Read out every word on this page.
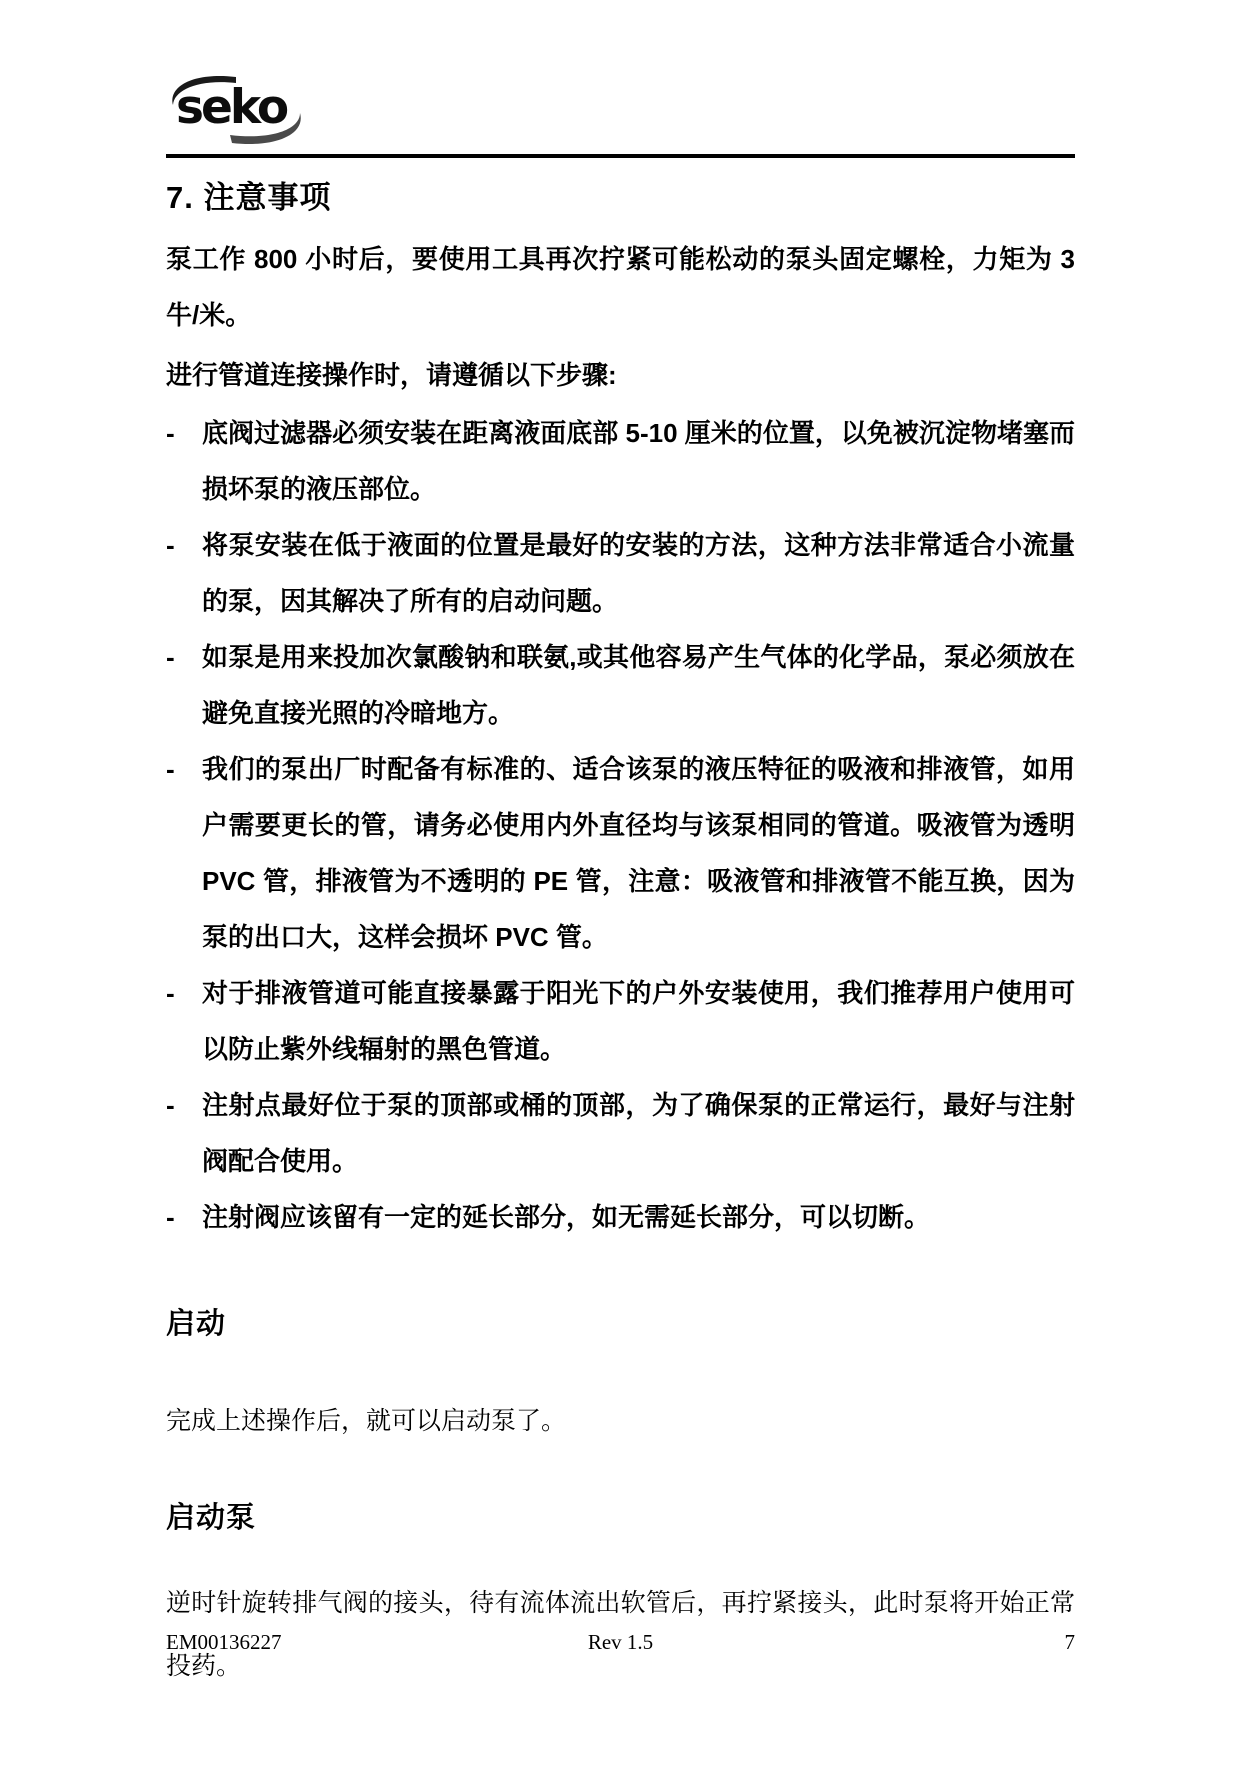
seko
7. 注意事项
泵工作 800 小时后，要使用工具再次拧紧可能松动的泵头固定螺栓，力矩为 3 牛/米。
进行管道连接操作时，请遵循以下步骤:
-	底阀过滤器必须安装在距离液面底部 5-10 厘米的位置，以免被沉淀物堵塞而损坏泵的液压部位。
-	将泵安装在低于液面的位置是最好的安装的方法，这种方法非常适合小流量的泵，因其解决了所有的启动问题。
-	如泵是用来投加次氯酸钠和联氨,或其他容易产生气体的化学品，泵必须放在避免直接光照的冷暗地方。
-	我们的泵出厂时配备有标准的、适合该泵的液压特征的吸液和排液管，如用户需要更长的管，请务必使用内外直径均与该泵相同的管道。吸液管为透明 PVC 管，排液管为不透明的 PE 管，注意：吸液管和排液管不能互换，因为泵的出口大，这样会损坏 PVC 管。
-	对于排液管道可能直接暴露于阳光下的户外安装使用，我们推荐用户使用可以防止紫外线辐射的黑色管道。
-	注射点最好位于泵的顶部或桶的顶部，为了确保泵的正常运行，最好与注射阀配合使用。
-	注射阀应该留有一定的延长部分，如无需延长部分，可以切断。
启动
完成上述操作后，就可以启动泵了。
启动泵
逆时针旋转排气阀的接头，待有流体流出软管后，再拧紧接头，此时泵将开始正常投药。
EM00136227	Rev 1.5	7
